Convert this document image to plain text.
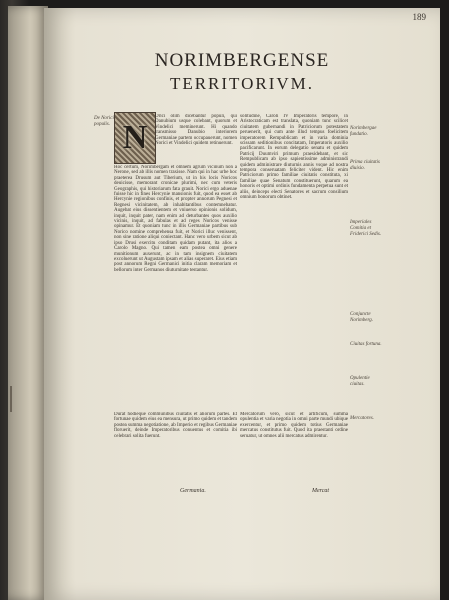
189
NORIMBERGENSE
TERRITORIVM.
N
De Norici populis.
Norimbergae fundatio.
Prima ciuitatis diuisio.
Imperiales Comitia et Friderici Sedis.
Conjuncte Norimberg.
Ciuitas fortuna.
Opulentie ciuitas.
Mercatores.
Orici olim dicebantur populi, qui Danubium usque colebant, quorum et Vindelici meminerunt. Hi quando transmisso Danubio interiorem Germaniae partem occupauerunt, nomen Norici et Vindelici quidem retinuerunt.
Hoc certum, Norimbergam et omnem agrum vicinum non a Nerone, sed ab illis nomen traxisse. Nam qui in hac urbe hoc praeterea Drusum aut Tiberium, ut in his locis Noricos deuicisse, memorant cronicae plurimi, nec cum veteris Geographis, qui historiarum fata grauit. Norici ergo aduenae fuisse hic in fines Hercynie mansionis fuit, quod ea esset ab Hercynie regionibus confinis, et propter annorum Pegnesi et Regnesi vicinitatem, ab inhabitantibus contemnebatur. Augebat eius dissentientem et vniuerso opinionis solidum, inquit, inquit pater, nam enim ad deturbantes quos auxilio vicinis, inquit, ad fabulas et ad reges Noricos venisse opinamur. Et quoniam tunc in illis Germaniae partibus sub Norico nomine comprehensa fuit, et Norici illuc venissent, non sine ratione aliqui coniectant. Hanc vero urbem sicut ab ipso Drusi exercitu conditam quidam putant, ita alios a Carolo Magno. Qui tamen eam postea omni genere munitionum auxerunt, ac in tam insignem ciuitatem excoluerunt ut Augustam ipsam et alias superaret. Eius etiam post annorum Regni Germanici initia claram memoriam et bellorum inter Germanos diuturnitate testantur.
solitudine, Caroli IV Imperatoris tempore, in Aristocraticam est translata, quoniam tunc scilicet ciuitatem gubernandi in Patriciorum potestatem peruenerit, qui cum ante illud tempus foelicitem imperatorem Rempublicam et in varia dominia scissam seditionibus concitatam, Imperatoris auxilio pacificarunt. In eorum delegatio senatu et quidem Patricij Duumviri primum praesidebant, et sic Rempublicam ab ipso sapientissime administrandi quidem administrare diuturnis annis vsque ad nostra tempora conseruatam feliciter vident. Hic enim Patriciorum primo familiae ciuitatis constituta, xi familiae quae Senatum constituerunt, quarum ea honoris et optimi ordinis fundamenta perpetua sunt et aliis, deinceps electi Senatores et sacrum consilium omnium bonorum obtinet.
Durat hodieque communibus ciuitatis et aliorum partes. Et fortunae quidem eius ea mensura, ut primo quidem et tandem postea summa negotiatione, ab Imperio et regibus Germaniae floruerit, deinde Imperatoribus conuentus et comitia ibi celebrari solita fuerunt.
Mercatorum vero, sicut et artificum, summa opulentia et varia negotia in omni parte mundi ubique exercentur, et primo quidem totius Germaniae mercatus constitutus fuit. Quod ita praestanti ordine seruatur, ut omnes alii mercatus admirentur.
Germania.	Mercat
